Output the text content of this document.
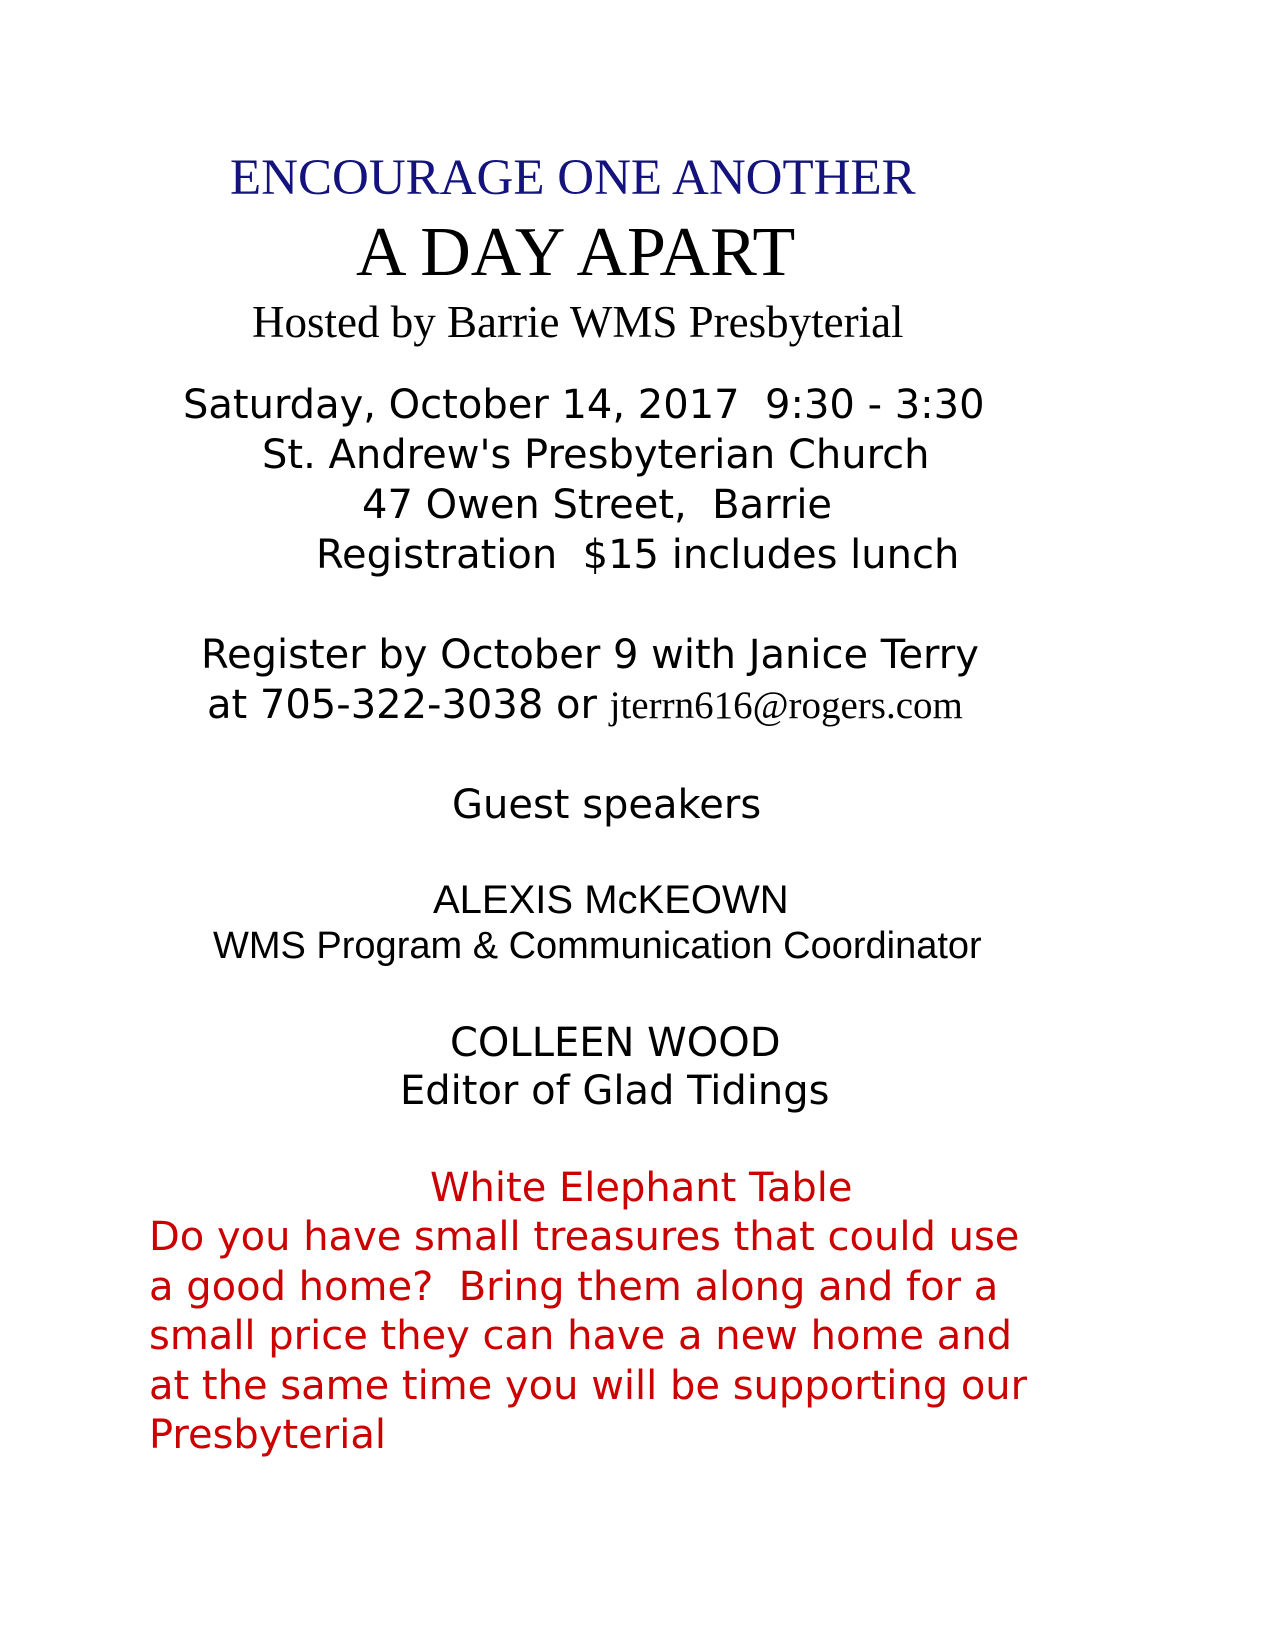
ENCOURAGE ONE ANOTHER

A DAY APART

Hosted by Barrie WMS Presbyterial

Saturday, October 14, 2017  9:30 - 3:30

St. Andrew's Presbyterian Church

47 Owen Street,  Barrie

Registration  $15 includes lunch

Register by October 9 with Janice Terry

at 705-322-3038 or jterrn616@rogers.com

Guest speakers

ALEXIS McKEOWN

WMS Program & Communication Coordinator

COLLEEN WOOD

Editor of Glad Tidings

White Elephant Table

Do you have small treasures that could use

a good home?  Bring them along and for a

small price they can have a new home and

at the same time you will be supporting our

Presbyterial
